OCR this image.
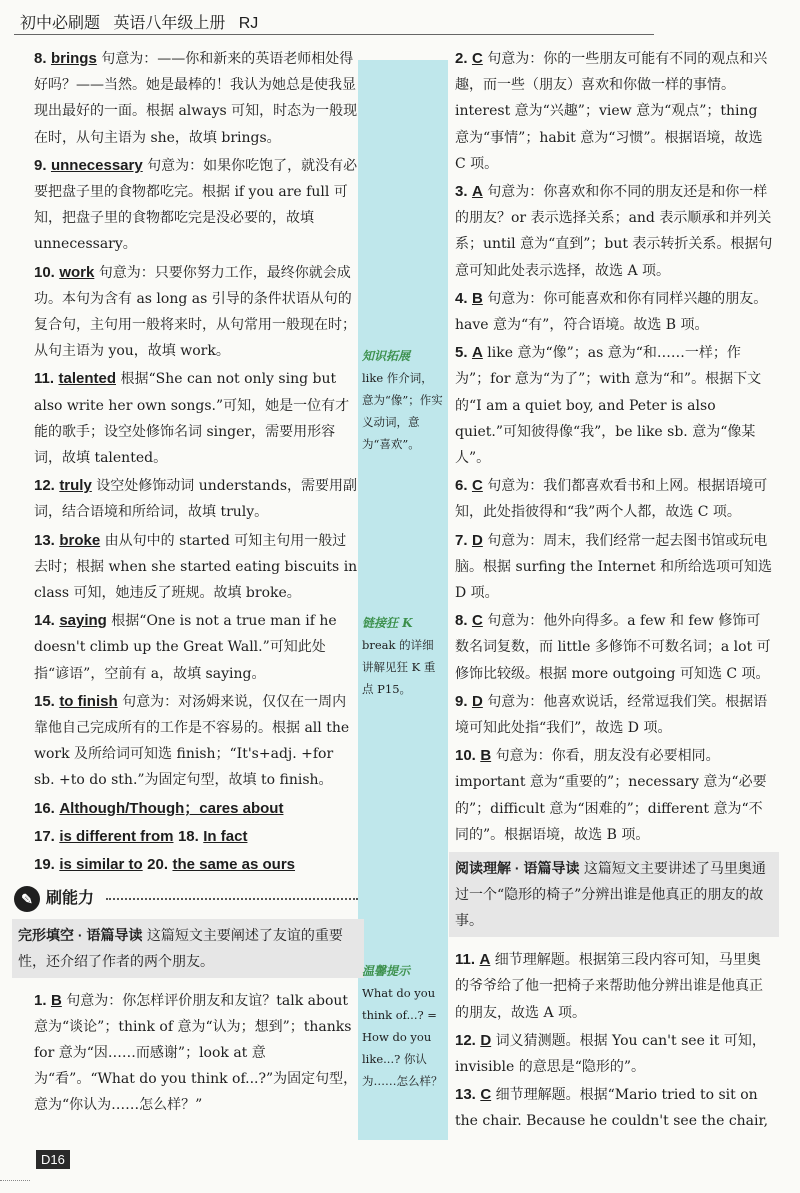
初中必刷题 英语八年级上册 RJ
8. brings 句意为：——你和新来的英语老师相处得好吗？——当然。她是最棒的！我认为她总是使我显现出最好的一面。根据 always 可知，时态为一般现在时，从句主语为 she，故填 brings。
9. unnecessary 句意为：如果你吃饱了，就没有必要把盘子里的食物都吃完。根据 if you are full 可知，把盘子里的食物都吃完是没必要的，故填 unnecessary。
10. work 句意为：只要你努力工作，最终你就会成功。本句为含有 as long as 引导的条件状语从句的复合句，主句用一般将来时，从句常用一般现在时；从句主语为 you，故填 work。
11. talented 根据“She can not only sing but also write her own songs.”可知，她是一位有才能的歌手；设空处修饰名词 singer，需要用形容词，故填 talented。
12. truly 设空处修饰动词 understands，需要用副词，结合语境和所给词，故填 truly。
13. broke 由从句中的 started 可知主句用一般过去时；根据 when she started eating biscuits in class 可知，她违反了班规。故填 broke。
14. saying 根据“One is not a true man if he doesn't climb up the Great Wall.”可知此处指“谚语”，空前有 a，故填 saying。
15. to finish 句意为：对汤姆来说，仅仅在一周内靠他自己完成所有的工作是不容易的。根据 all the work 及所给词可知选 finish；“It's+adj. +for sb. +to do sth.”为固定句型，故填 to finish。
16. Although/Though；cares about
17. is different from 18. In fact
19. is similar to 20. the same as ours
✎ 刷能力
完形填空 · 语篇导读 这篇短文主要阐述了友谊的重要性，还介绍了作者的两个朋友。
1. B 句意为：你怎样评价朋友和友谊？talk about 意为“谈论”；think of 意为“认为；想到”；thanks for 意为“因……而感谢”；look at 意为“看”。“What do you think of...?”为固定句型，意为“你认为……怎么样？”
2. C 句意为：你的一些朋友可能有不同的观点和兴趣，而一些（朋友）喜欢和你做一样的事情。interest 意为“兴趣”；view 意为“观点”；thing 意为“事情”；habit 意为“习惯”。根据语境，故选 C 项。
3. A 句意为：你喜欢和你不同的朋友还是和你一样的朋友？or 表示选择关系；and 表示顺承和并列关系；until 意为“直到”；but 表示转折关系。根据句意可知此处表示选择，故选 A 项。
4. B 句意为：你可能喜欢和你有同样兴趣的朋友。have 意为“有”，符合语境。故选 B 项。
5. A like 意为“像”；as 意为“和……一样；作为”；for 意为“为了”；with 意为“和”。根据下文的“I am a quiet boy, and Peter is also quiet.”可知彼得像“我”，be like sb. 意为“像某人”。
6. C 句意为：我们都喜欢看书和上网。根据语境可知，此处指彼得和“我”两个人都，故选 C 项。
7. D 句意为：周末，我们经常一起去图书馆或玩电脑。根据 surfing the Internet 和所给选项可知选 D 项。
8. C 句意为：他外向得多。a few 和 few 修饰可数名词复数，而 little 多修饰不可数名词；a lot 可修饰比较级。根据 more outgoing 可知选 C 项。
9. D 句意为：他喜欢说话，经常逗我们笑。根据语境可知此处指“我们”，故选 D 项。
10. B 句意为：你看，朋友没有必要相同。important 意为“重要的”；necessary 意为“必要的”；difficult 意为“困难的”；different 意为“不同的”。根据语境，故选 B 项。
阅读理解 · 语篇导读 这篇短文主要讲述了马里奥通过一个“隐形的椅子”分辨出谁是他真正的朋友的故事。
11. A 细节理解题。根据第三段内容可知，马里奥的爷爷给了他一把椅子来帮助他分辨出谁是他真正的朋友，故选 A 项。
12. D 词义猜测题。根据 You can't see it 可知，invisible 的意思是“隐形的”。
13. C 细节理解题。根据“Mario tried to sit on the chair. Because he couldn't see the chair,
知识拓展
like 作介词，意为“像”；作实义动词，意为“喜欢”。
链接狂 K
break 的详细讲解见狂 K 重点 P15。
温馨提示
What do you think of...? = How do you like...? 你认为……怎么样？
D16
